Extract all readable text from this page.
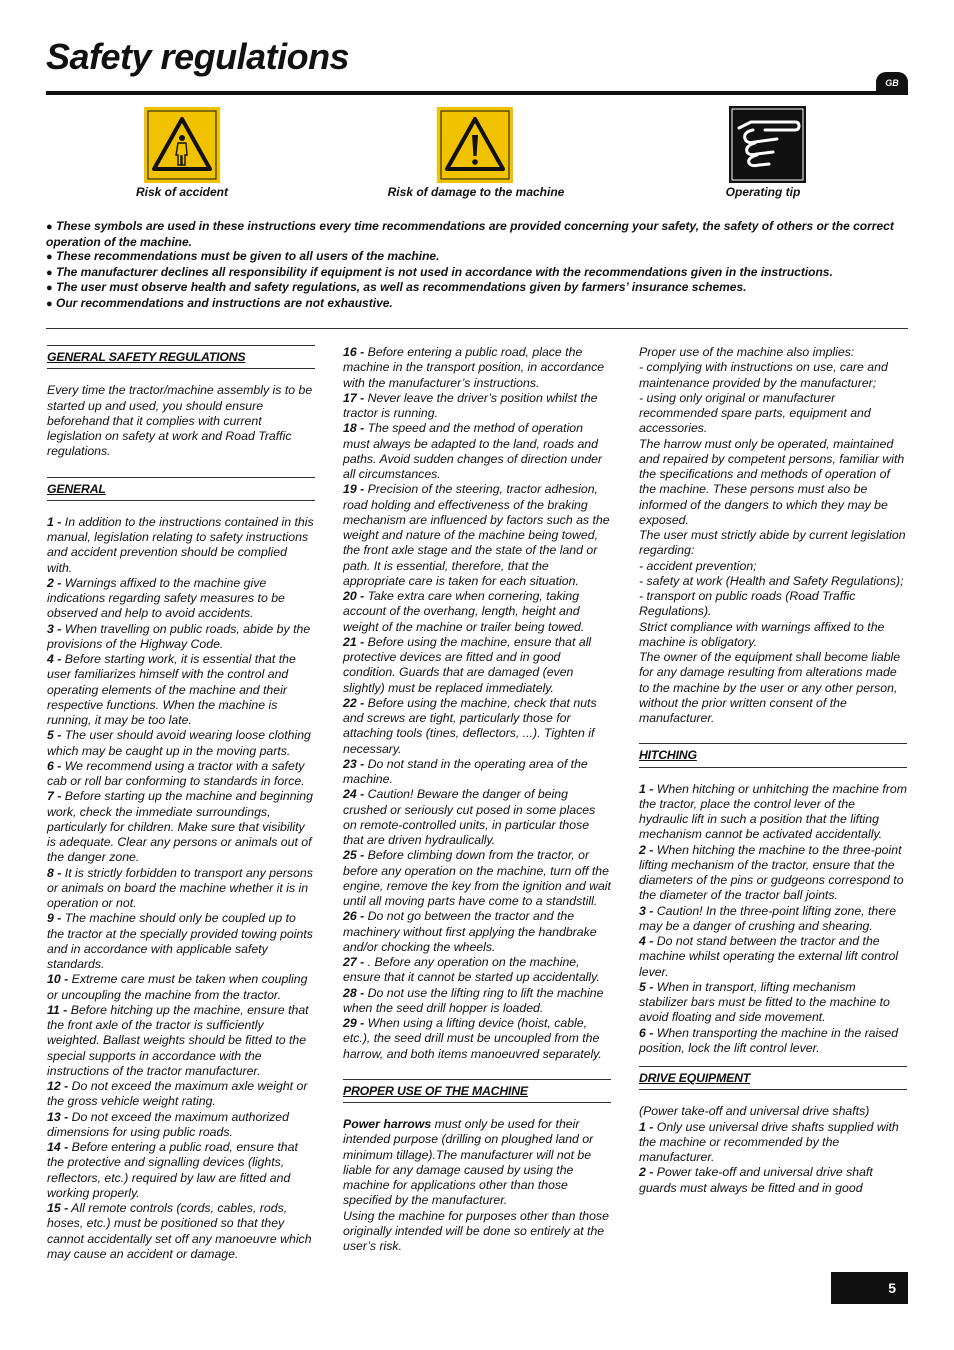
Safety regulations
GB
Risk of accident	Risk of damage to the machine	Operating tip

● These symbols are used in these instructions every time recommendations are provided concerning your safety, the safety of others or the correct operation of the machine.

● These recommendations must be given to all users of the machine.

● The manufacturer declines all responsibility if equipment is not used in accordance with the recommendations given in the instructions.

● The user must observe health and safety regulations, as well as recommendations given by farmers’ insurance schemes.

● Our recommendations and instructions are not exhaustive.

GENERAL SAFETY REGULATIONS

Every time the tractor/machine assembly is to be started up and used, you should ensure beforehand that it complies with current legislation on safety at work and Road Traffic regulations.

GENERAL

1 - In addition to the instructions contained in this manual, legislation relating to safety instructions and accident prevention should be complied with.

2 - Warnings affixed to the machine give indications regarding safety measures to be observed and help to avoid accidents.

3 - When travelling on public roads, abide by the provisions of the Highway Code.

4 - Before starting work, it is essential that the user familiarizes himself with the control and operating elements of the machine and their respective functions. When the machine is running, it may be too late.

5 - The user should avoid wearing loose clothing which may be caught up in the moving parts.

6 - We recommend using a tractor with a safety cab or roll bar conforming to standards in force.

7 - Before starting up the machine and beginning work, check the immediate surroundings, particularly for children. Make sure that visibility is adequate. Clear any persons or animals out of the danger zone.

8 - It is strictly forbidden to transport any persons or animals on board the machine whether it is in operation or not.

9 - The machine should only be coupled up to the tractor at the specially provided towing points and in accordance with applicable safety standards.

10 - Extreme care must be taken when coupling or uncoupling the machine from the tractor.

11 - Before hitching up the machine, ensure that the front axle of the tractor is sufficiently weighted. Ballast weights should be fitted to the special supports in accordance with the instructions of the tractor manufacturer.

12 - Do not exceed the maximum axle weight or the gross vehicle weight rating.

13 - Do not exceed the maximum authorized dimensions for using public roads.

14 - Before entering a public road, ensure that the protective and signalling devices (lights, reflectors, etc.) required by law are fitted and working properly.

15 - All remote controls (cords, cables, rods, hoses, etc.) must be positioned so that they cannot accidentally set off any manoeuvre which may cause an accident or damage.

16 - Before entering a public road, place the machine in the transport position, in accordance with the manufacturer’s instructions.

17 - Never leave the driver’s position whilst the tractor is running.

18 - The speed and the method of operation must always be adapted to the land, roads and paths. Avoid sudden changes of direction under all circumstances.

19 - Precision of the steering, tractor adhesion, road holding and effectiveness of the braking mechanism are influenced by factors such as the weight and nature of the machine being towed, the front axle stage and the state of the land or path. It is essential, therefore, that the appropriate care is taken for each situation.

20 - Take extra care when cornering, taking account of the overhang, length, height and weight of the machine or trailer being towed.

21 - Before using the machine, ensure that all protective devices are fitted and in good condition. Guards that are damaged (even slightly) must be replaced immediately.

22 - Before using the machine, check that nuts and screws are tight, particularly those for attaching tools (tines, deflectors, ...). Tighten if necessary.

23 - Do not stand in the operating area of the machine.

24 - Caution! Beware the danger of being crushed or seriously cut posed in some places on remote-controlled units, in particular those that are driven hydraulically.

25 - Before climbing down from the tractor, or before any operation on the machine, turn off the engine, remove the key from the ignition and wait until all moving parts have come to a standstill.

26 - Do not go between the tractor and the machinery without first applying the handbrake and/or chocking the wheels.

27 - . Before any operation on the machine, ensure that it cannot be started up accidentally.

28 - Do not use the lifting ring to lift the machine when the seed drill hopper is loaded.

29 - When using a lifting device (hoist, cable, etc.), the seed drill must be uncoupled from the harrow, and both items manoeuvred separately.

PROPER USE OF THE MACHINE

Power harrows must only be used for their intended purpose (drilling on ploughed land or minimum tillage).The manufacturer will not be liable for any damage caused by using the machine for applications other than those specified by the manufacturer.

Using the machine for purposes other than those originally intended will be done so entirely at the user’s risk.

Proper use of the machine also implies:

- complying with instructions on use, care and maintenance provided by the manufacturer;

- using only original or manufacturer recommended spare parts, equipment and accessories.

The harrow must only be operated, maintained and repaired by competent persons, familiar with the specifications and methods of operation of the machine. These persons must also be informed of the dangers to which they may be exposed.

The user must strictly abide by current legislation regarding:

- accident prevention;

- safety at work (Health and Safety Regulations);

- transport on public roads (Road Traffic Regulations).

Strict compliance with warnings affixed to the machine is obligatory.

The owner of the equipment shall become liable for any damage resulting from alterations made to the machine by the user or any other person, without the prior written consent of the manufacturer.

HITCHING

1 - When hitching or unhitching the machine from the tractor, place the control lever of the hydraulic lift in such a position that the lifting mechanism cannot be activated accidentally.

2 - When hitching the machine to the three-point lifting mechanism of the tractor, ensure that the diameters of the pins or gudgeons correspond to the diameter of the tractor ball joints.

3 - Caution! In the three-point lifting zone, there may be a danger of crushing and shearing.

4 - Do not stand between the tractor and the machine whilst operating the external lift control lever.

5 - When in transport, lifting mechanism stabilizer bars must be fitted to the machine to avoid floating and side movement.

6 - When transporting the machine in the raised position, lock the lift control lever.

DRIVE EQUIPMENT

(Power take-off and universal drive shafts)

1 - Only use universal drive shafts supplied with the machine or recommended by the manufacturer.

2 - Power take-off and universal drive shaft guards must always be fitted and in good

5
